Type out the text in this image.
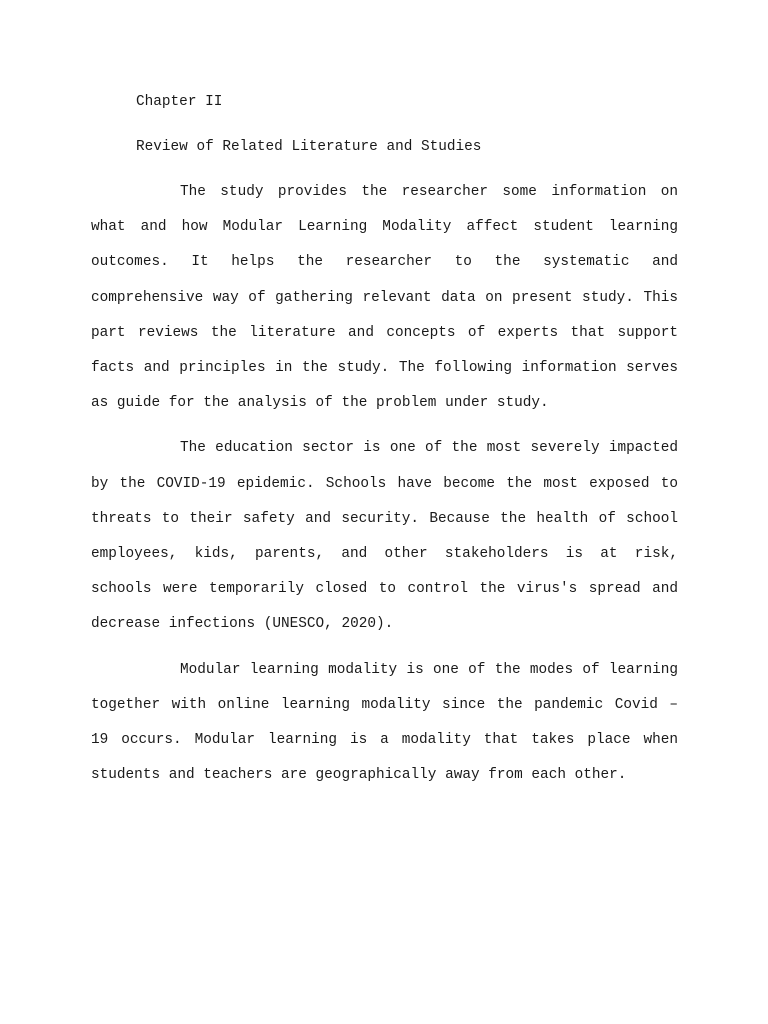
Chapter II
Review of Related Literature and Studies

The study provides the researcher some information on what and how Modular Learning Modality affect student learning outcomes. It helps the researcher to the systematic and comprehensive way of gathering relevant data on present study. This part reviews the literature and concepts of experts that support facts and principles in the study. The following information serves as guide for the analysis of the problem under study.

The education sector is one of the most severely impacted by the COVID-19 epidemic. Schools have become the most exposed to threats to their safety and security. Because the health of school employees, kids, parents, and other stakeholders is at risk, schools were temporarily closed to control the virus's spread and decrease infections (UNESCO, 2020).

Modular learning modality is one of the modes of learning together with online learning modality since the pandemic Covid – 19 occurs. Modular learning is a modality that takes place when students and teachers are geographically away from each other.
